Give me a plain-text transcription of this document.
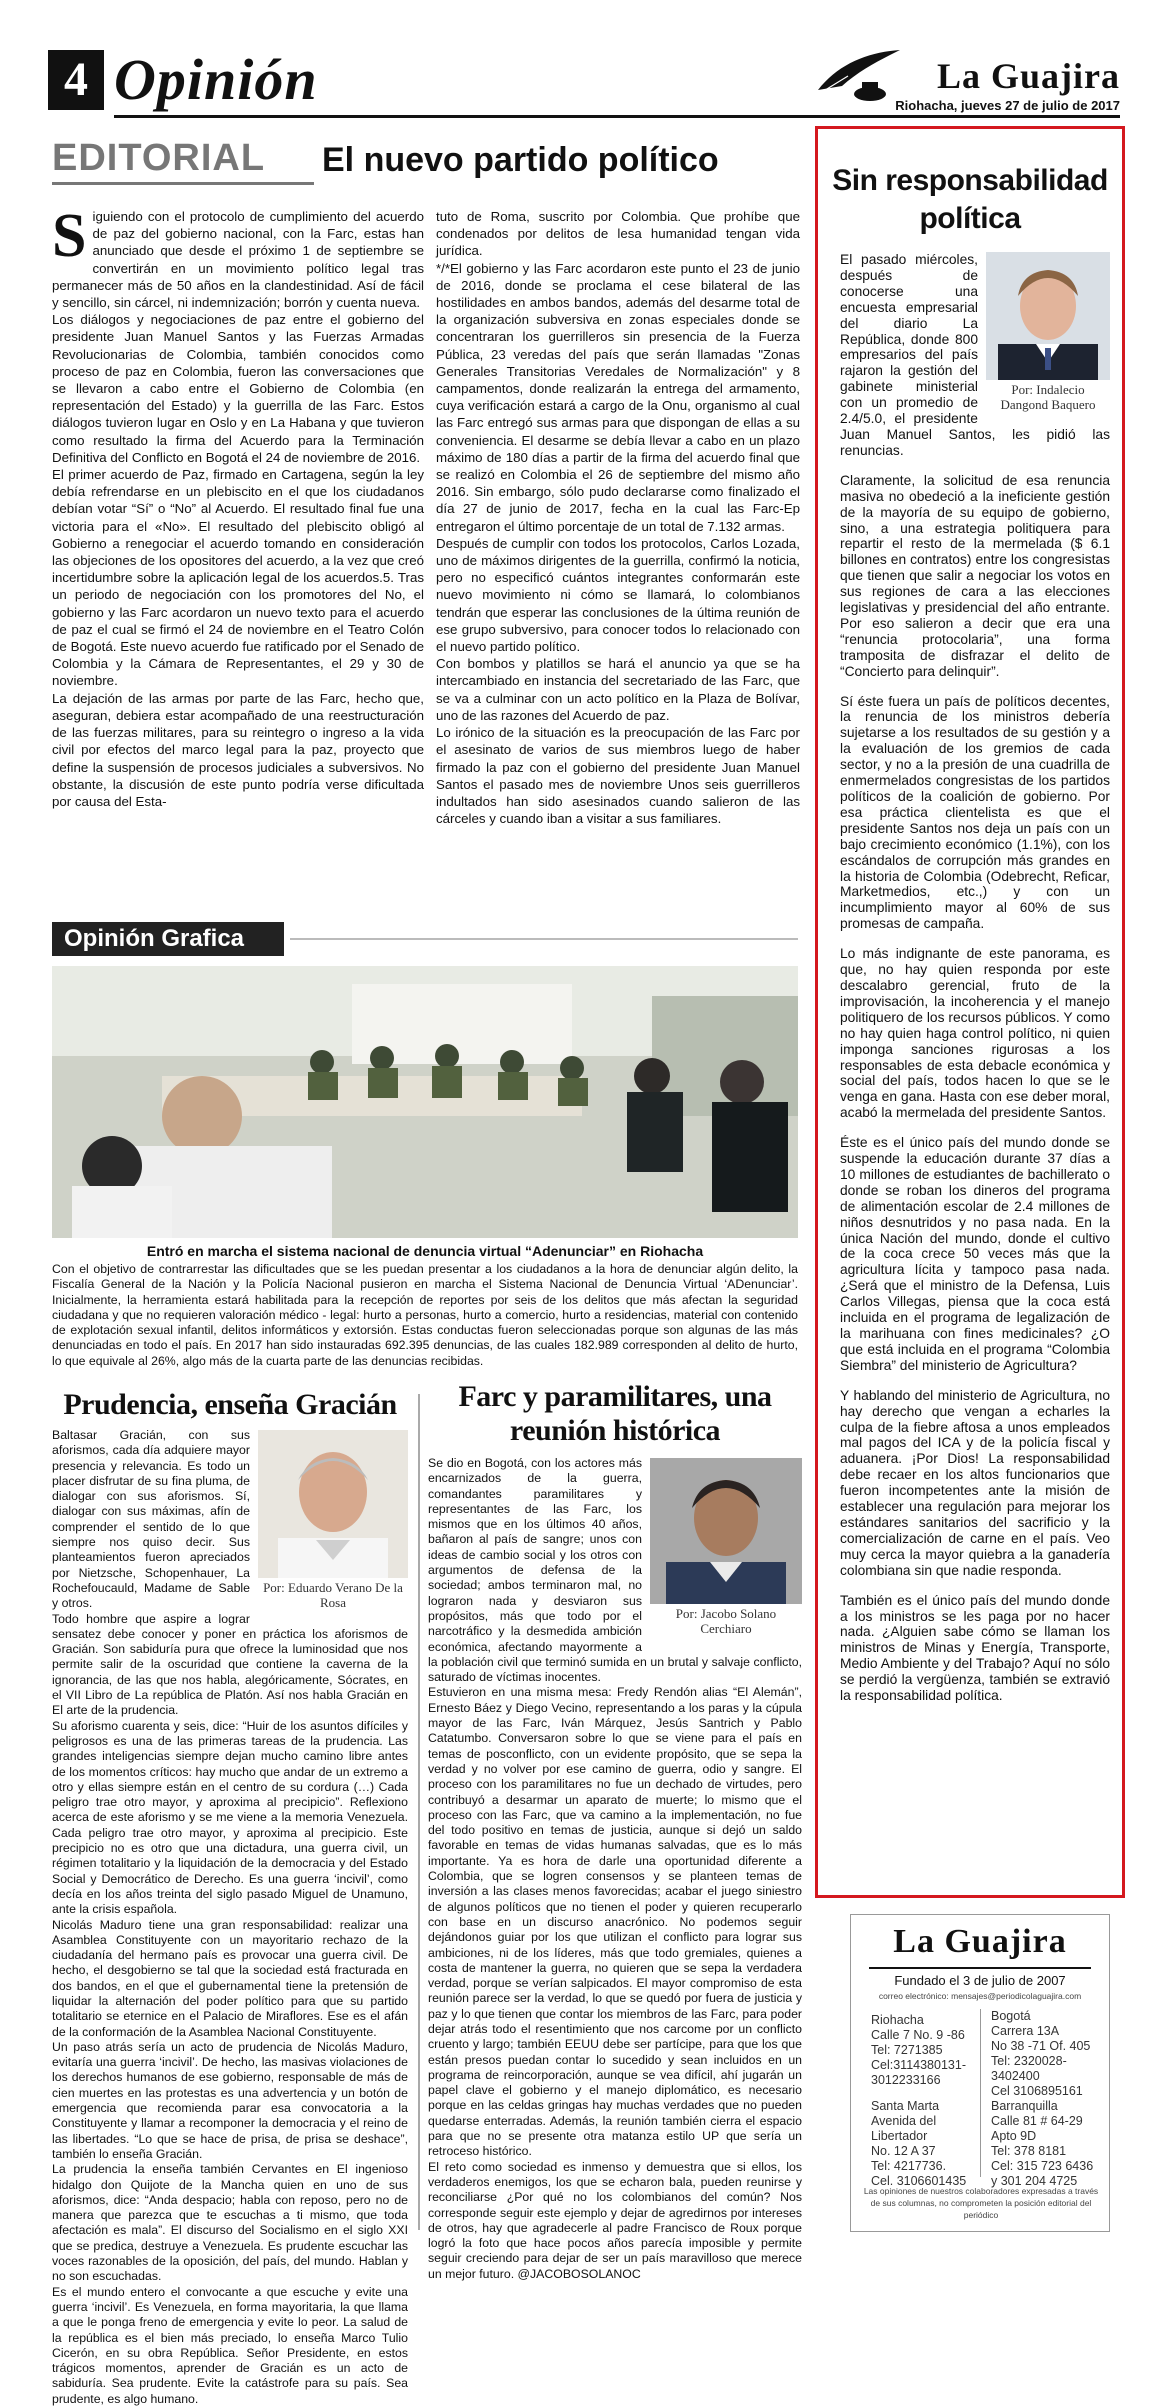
4 Opinión	La Guajira
Riohacha, jueves 27 de julio de 2017
EDITORIAL El nuevo partido político

Siguiendo con el protocolo de cumplimiento del acuerdo de paz del gobierno nacional, con la Farc, estas han anunciado que desde el próximo 1 de septiembre se convertirán en un movimiento político legal tras permanecer más de 50 años en la clandestinidad. Así de fácil y sencillo, sin cárcel, ni indemnización; borrón y cuenta nueva.

Los diálogos y negociaciones de paz entre el gobierno del presidente Juan Manuel Santos y las Fuerzas Armadas Revolucionarias de Colombia, también conocidos como proceso de paz en Colombia, fueron las conversaciones que se llevaron a cabo entre el Gobierno de Colombia (en representación del Estado) y la guerrilla de las Farc. Estos diálogos tuvieron lugar en Oslo y en La Habana y que tuvieron como resultado la firma del Acuerdo para la Terminación Definitiva del Conflicto en Bogotá el 24 de noviembre de 2016.

El primer acuerdo de Paz, firmado en Cartagena, según la ley debía refrendarse en un plebiscito en el que los ciudadanos debían votar “Sí” o “No” al Acuerdo. El resultado final fue una victoria para el «No». El resultado del plebiscito obligó al Gobierno a renegociar el acuerdo tomando en consideración las objeciones de los opositores del acuerdo, a la vez que creó incertidumbre sobre la aplicación legal de los acuerdos.5. Tras un periodo de negociación con los promotores del No, el gobierno y las Farc acordaron un nuevo texto para el acuerdo de paz el cual se firmó el 24 de noviembre en el Teatro Colón de Bogotá. Este nuevo acuerdo fue ratificado por el Senado de Colombia y la Cámara de Representantes, el 29 y 30 de noviembre.

La dejación de las armas por parte de las Farc, hecho que, aseguran, debiera estar acompañado de una reestructuración de las fuerzas militares, para su reintegro o ingreso a la vida civil por efectos del marco legal para la paz, proyecto que define la suspensión de procesos judiciales a subversivos. No obstante, la discusión de este punto podría verse dificultada por causa del Esta-

tuto de Roma, suscrito por Colombia. Que prohíbe que condenados por delitos de lesa humanidad tengan vida jurídica.

*/*El gobierno y las Farc acordaron este punto el 23 de junio de 2016, donde se proclama el cese bilateral de las hostilidades en ambos bandos, además del desarme total de la organización subversiva en zonas especiales donde se concentraran los guerrilleros sin presencia de la Fuerza Pública, 23 veredas del país que serán llamadas "Zonas Generales Transitorias Veredales de Normalización" y 8 campamentos, donde realizarán la entrega del armamento, cuya verificación estará a cargo de la Onu, organismo al cual las Farc entregó sus armas para que dispongan de ellas a su conveniencia. El desarme se debía llevar a cabo en un plazo máximo de 180 días a partir de la firma del acuerdo final que se realizó en Colombia el 26 de septiembre del mismo año 2016. Sin embargo, sólo pudo declararse como finalizado el día 27 de junio de 2017, fecha en la cual las Farc-Ep entregaron el último porcentaje de un total de 7.132 armas.

Después de cumplir con todos los protocolos, Carlos Lozada, uno de máximos dirigentes de la guerrilla, confirmó la noticia, pero no especificó cuántos integrantes conformarán este nuevo movimiento ni cómo se llamará, lo colombianos tendrán que esperar las conclusiones de la última reunión de ese grupo subversivo, para conocer todos lo relacionado con el nuevo partido político.

Con bombos y platillos se hará el anuncio ya que se ha intercambiado en instancia del secretariado de las Farc, que se va a culminar con un acto político en la Plaza de Bolívar, uno de las razones del Acuerdo de paz.

Lo irónico de la situación es la preocupación de las Farc por el asesinato de varios de sus miembros luego de haber firmado la paz con el gobierno del presidente Juan Manuel Santos el pasado mes de noviembre Unos seis guerrilleros indultados han sido asesinados cuando salieron de las cárceles y cuando iban a visitar a sus familiares.

Opinión Grafica
Entró en marcha el sistema nacional de denuncia virtual “Adenunciar” en Riohacha
Con el objetivo de contrarrestar las dificultades que se les puedan presentar a los ciudadanos a la hora de denunciar algún delito, la Fiscalía General de la Nación y la Policía Nacional pusieron en marcha el Sistema Nacional de Denuncia Virtual ‘ADenunciar’. Inicialmente, la herramienta estará habilitada para la recepción de reportes por seis de los delitos que más afectan la seguridad ciudadana y que no requieren valoración médico - legal: hurto a personas, hurto a comercio, hurto a residencias, material con contenido de explotación sexual infantil, delitos informáticos y extorsión. Estas conductas fueron seleccionadas porque son algunas de las más denunciadas en todo el país. En 2017 han sido instauradas 692.395 denuncias, de las cuales 182.989 corresponden al delito de hurto, lo que equivale al 26%, algo más de la cuarta parte de las denuncias recibidas.
Prudencia, enseña Gracián
Por: Eduardo Verano De la Rosa

Baltasar Gracián, con sus aforismos, cada día adquiere mayor presencia y relevancia. Es todo un placer disfrutar de su fina pluma, de dialogar con sus aforismos. Sí, dialogar con sus máximas, afín de comprender el sentido de lo que siempre nos quiso decir. Sus planteamientos fueron apreciados por Nietzsche, Schopenhauer, La Rochefoucauld, Madame de Sable y otros.

Todo hombre que aspire a lograr sensatez debe conocer y poner en práctica los aforismos de Gracián. Son sabiduría pura que ofrece la luminosidad que nos permite salir de la oscuridad que contiene la caverna de la ignorancia, de las que nos habla, alegóricamente, Sócrates, en el VII Libro de La república de Platón. Así nos habla Gracián en El arte de la prudencia.

Su aforismo cuarenta y seis, dice: “Huir de los asuntos difíciles y peligrosos es una de las primeras tareas de la prudencia. Las grandes inteligencias siempre dejan mucho camino libre antes de los momentos críticos: hay mucho que andar de un extremo a otro y ellas siempre están en el centro de su cordura (…) Cada peligro trae otro mayor, y aproxima al precipicio”. Reflexiono acerca de este aforismo y se me viene a la memoria Venezuela. Cada peligro trae otro mayor, y aproxima al precipicio. Este precipicio no es otro que una dictadura, una guerra civil, un régimen totalitario y la liquidación de la democracia y del Estado Social y Democrático de Derecho. Es una guerra ‘incivil’, como decía en los años treinta del siglo pasado Miguel de Unamuno, ante la crisis española.

Nicolás Maduro tiene una gran responsabilidad: realizar una Asamblea Constituyente con un mayoritario rechazo de la ciudadanía del hermano país es provocar una guerra civil. De hecho, el desgobierno se tal que la sociedad está fracturada en dos bandos, en el que el gubernamental tiene la pretensión de liquidar la alternación del poder político para que su partido totalitario se eternice en el Palacio de Miraflores. Ese es el afán de la conformación de la Asamblea Nacional Constituyente.

Un paso atrás sería un acto de prudencia de Nicolás Maduro, evitaría una guerra ‘incivil’. De hecho, las masivas violaciones de los derechos humanos de ese gobierno, responsable de más de cien muertes en las protestas es una advertencia y un botón de emergencia que recomienda parar esa convocatoria a la Constituyente y llamar a recomponer la democracia y el reino de las libertades. “Lo que se hace de prisa, de prisa se deshace”, también lo enseña Gracián.

La prudencia la enseña también Cervantes en El ingenioso hidalgo don Quijote de la Mancha quien en uno de sus aforismos, dice: “Anda despacio; habla con reposo, pero no de manera que parezca que te escuchas a ti mismo, que toda afectación es mala”. El discurso del Socialismo en el siglo XXI que se predica, destruye a Venezuela. Es prudente escuchar las voces razonables de la oposición, del país, del mundo. Hablan y no son escuchadas.

Es el mundo entero el convocante a que escuche y evite una guerra ‘incivil’. Es Venezuela, en forma mayoritaria, la que llama a que le ponga freno de emergencia y evite lo peor. La salud de la república es el bien más preciado, lo enseña Marco Tulio Cicerón, en su obra República. Señor Presidente, en estos trágicos momentos, aprender de Gracián es un acto de sabiduría. Sea prudente. Evite la catástrofe para su país. Sea prudente, es algo humano.

Farc y paramilitares, una reunión histórica
Por: Jacobo Solano Cerchiaro

Se dio en Bogotá, con los actores más encarnizados de la guerra, comandantes paramilitares y representantes de las Farc, los mismos que en los últimos 40 años, bañaron al país de sangre; unos con ideas de cambio social y los otros con argumentos de defensa de la sociedad; ambos terminaron mal, no lograron nada y desviaron sus propósitos, más que todo por el narcotráfico y la desmedida ambición económica, afectando mayormente a la población civil que terminó sumida en un brutal y salvaje conflicto, saturado de víctimas inocentes.

Estuvieron en una misma mesa: Fredy Rendón alias “El Alemán”, Ernesto Báez y Diego Vecino, representando a los paras y la cúpula mayor de las Farc, Iván Márquez, Jesús Santrich y Pablo Catatumbo. Conversaron sobre lo que se viene para el país en temas de posconflicto, con un evidente propósito, que se sepa la verdad y no volver por ese camino de guerra, odio y sangre. El proceso con los paramilitares no fue un dechado de virtudes, pero contribuyó a desarmar un aparato de muerte; lo mismo que el proceso con las Farc, que va camino a la implementación, no fue del todo positivo en temas de justicia, aunque si dejó un saldo favorable en temas de vidas humanas salvadas, que es lo más importante. Ya es hora de darle una oportunidad diferente a Colombia, que se logren consensos y se planteen temas de inversión a las clases menos favorecidas; acabar el juego siniestro de algunos políticos que no tienen el poder y quieren recuperarlo con base en un discurso anacrónico. No podemos seguir dejándonos guiar por los que utilizan el conflicto para lograr sus ambiciones, ni de los líderes, más que todo gremiales, quienes a costa de mantener la guerra, no quieren que se sepa la verdadera verdad, porque se verían salpicados. El mayor compromiso de esta reunión parece ser la verdad, lo que se quedó por fuera de justicia y paz y lo que tienen que contar los miembros de las Farc, para poder dejar atrás todo el resentimiento que nos carcome por un conflicto cruento y largo; también EEUU debe ser partícipe, para que los que están presos puedan contar lo sucedido y sean incluidos en un programa de reincorporación, aunque se vea difícil, ahí jugarán un papel clave el gobierno y el manejo diplomático, es necesario porque en las celdas gringas hay muchas verdades que no pueden quedarse enterradas. Además, la reunión también cierra el espacio para que no se presente otra matanza estilo UP que sería un retroceso histórico.

El reto como sociedad es inmenso y demuestra que si ellos, los verdaderos enemigos, los que se echaron bala, pueden reunirse y reconciliarse ¿Por qué no los colombianos del común? Nos corresponde seguir este ejemplo y dejar de agredirnos por intereses de otros, hay que agradecerle al padre Francisco de Roux porque logró la foto que hace pocos años parecía imposible y permite seguir creciendo para dejar de ser un país maravilloso que merece un mejor futuro. @JACOBOSOLANOC

Sin responsabilidad política
Por: Indalecio Dangond Baquero

El pasado miércoles, después de conocerse una encuesta empresarial del diario La República, donde 800 empresarios del país rajaron la gestión del gabinete ministerial con un promedio de 2.4/5.0, el presidente Juan Manuel Santos, les pidió las renuncias.

Claramente, la solicitud de esa renuncia masiva no obedeció a la ineficiente gestión de la mayoría de su equipo de gobierno, sino, a una estrategia politiquera para repartir el resto de la mermelada ($ 6.1 billones en contratos) entre los congresistas que tienen que salir a negociar los votos en sus regiones de cara a las elecciones legislativas y presidencial del año entrante. Por eso salieron a decir que era una “renuncia protocolaria”, una forma tramposita de disfrazar el delito de “Concierto para delinquir”.

Sí éste fuera un país de políticos decentes, la renuncia de los ministros debería sujetarse a los resultados de su gestión y a la evaluación de los gremios de cada sector, y no a la presión de una cuadrilla de enmermelados congresistas de los partidos políticos de la coalición de gobierno. Por esa práctica clientelista es que el presidente Santos nos deja un país con un bajo crecimiento económico (1.1%), con los escándalos de corrupción más grandes en la historia de Colombia (Odebrecht, Reficar, Marketmedios, etc.,) y con un incumplimiento mayor al 60% de sus promesas de campaña.

Lo más indignante de este panorama, es que, no hay quien responda por este descalabro gerencial, fruto de la improvisación, la incoherencia y el manejo politiquero de los recursos públicos. Y como no hay quien haga control político, ni quien imponga sanciones rigurosas a los responsables de esta debacle económica y social del país, todos hacen lo que se le venga en gana. Hasta con ese deber moral, acabó la mermelada del presidente Santos.

Éste es el único país del mundo donde se suspende la educación durante 37 días a 10 millones de estudiantes de bachillerato o donde se roban los dineros del programa de alimentación escolar de 2.4 millones de niños desnutridos y no pasa nada. En la única Nación del mundo, donde el cultivo de la coca crece 50 veces más que la agricultura lícita y tampoco pasa nada. ¿Será que el ministro de la Defensa, Luis Carlos Villegas, piensa que la coca está incluida en el programa de legalización de la marihuana con fines medicinales? ¿O que está incluida en el programa “Colombia Siembra” del ministerio de Agricultura?

Y hablando del ministerio de Agricultura, no hay derecho que vengan a echarles la culpa de la fiebre aftosa a unos empleados mal pagos del ICA y de la policía fiscal y aduanera. ¡Por Dios! La responsabilidad debe recaer en los altos funcionarios que fueron incompetentes ante la misión de establecer una regulación para mejorar los estándares sanitarios del sacrificio y la comercialización de carne en el país. Veo muy cerca la mayor quiebra a la ganadería colombiana sin que nadie responda.

También es el único país del mundo donde a los ministros se les paga por no hacer nada. ¿Alguien sabe cómo se llaman los ministros de Minas y Energía, Transporte, Medio Ambiente y del Trabajo? Aquí no sólo se perdió la vergüenza, también se extravió la responsabilidad política.

La Guajira
Fundado el 3 de julio de 2007
correo electrónico: mensajes@periodicolaguajira.com
Riohacha
Calle 7 No. 9 -86
Tel: 7271385
Cel:3114380131-
3012233166
Bogotá
Carrera 13A
No 38 -71 Of. 405
Tel: 2320028-
3402400
Cel 3106895161
Santa Marta
Avenida del
Libertador
No. 12 A 37
Tel: 4217736.
Cel. 3106601435
Barranquilla
Calle 81 # 64-29
Apto 9D
Tel: 378 8181
Cel: 315 723 6436
y 301 204 4725
Las opiniones de nuestros colaboradores expresadas a través de sus columnas, no comprometen la posición editorial del periódico
